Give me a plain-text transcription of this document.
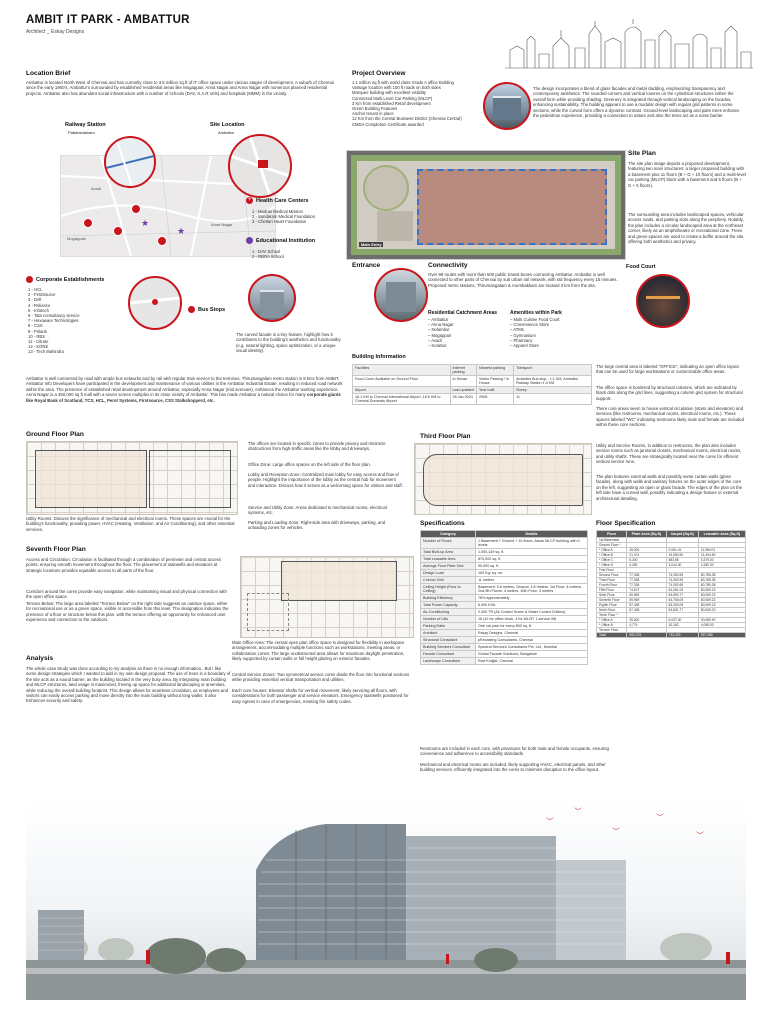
AMBIT IT PARK - AMBATTUR
Architect _ Eskay Designs
Location Brief
Ambattur is located North West of Chennai and has currently close to 3.5 million sq.ft of IT office space under various stages of development. A suburb of Chennai since the early 1960's, Ambattur's surrounded by established residential areas like Mogappair, Anna Nagar and Anna Nagar with numerous planned residential projects. Ambattur also has abundant social infrastructure with a number of schools (DAV, S.A.R Vels) and hospitals (MMM) in the vicinity.
Avadi
Anna Nagar
Mogappair
★
★
Railway Station
Pattaravakkam
Site Location
Ambattur
+ Health Care Centers
1 - Madras Medical Mission
2 - Sundaram Medical Foundation
3 - Chettari Heart Foundation
Educational Institution
1 - DAV School
2 - DBOA School
Corporate Establishments
1 - HCL
2 - FirstSource
3 - Dell
4 - Reliance
5 - Infotech
6 - Tata consultancy service
7 - Hexaware Technologies
8 - CSS
9 - Polaris
10 - RBS
11 - Citrate
12 - KONE
13 - Tech Mahindra
Bus Stops
The curved facade is a key feature, highlight how it contributes to the building's aesthetics and functionality (e.g. natural lighting, space optimization, or a unique visual identity).
Ambattur is well connected by road with ample bus networks and by rail with regular train service to the terminus. Thirumangalam metro station is 8 kms from AMBIT. Ambattur Info Developers have participated in the development and maintenance of various utilities in the Ambattur Industrial Estate, resulting in reduced road network within the area. The presence of established retail development around Ambattur, especially Anna Nagar (mid avenues), enhances the Ambattur working experience. Anna Nagar is a 350,000 sq ft mall with a seven screen multiplex in its close vicinity of Ambattur. This has made Ambattur a natural choice for many corporate giants like Royal Bank of Scotland, TCS, HCL, Perot Systems, Firstsource, CSS Stalkshopperd, etc.
Project Overview
1.1 million sq.ft with world class Grade A office Building
Vantage location with 100 ft roads on both sides
Marquee building with excellent visibility
Connected Multi Level Car Parking (MLCP)
3 Km from established Retail development
Green Building Features
Anchor tenant in place
12 Km from the Central Business District (Chennai Central)
CMDA Completion Certificate awarded
The design incorporates a blend of glass facades and metal cladding, emphasizing transparency and contemporary aesthetics. The rounded corners and vertical louvres on the cylindrical structures soften the overall form while providing shading. Greenery is integrated through vertical landscaping on the facades, enhancing sustainability. The building appears to use a modular design with regular grid patterns in some sections, while the curved form offers a dynamic contrast. Ground-level landscaping and palm trees enhance the pedestrian experience, providing a connection to nature and also the trees act as a noise barrier.
Main Entry
Site Plan
The site plan image depicts a proposed development, featuring two main structures: a larger proposed building with a basement plus 11 floors (B + G + 10 floors) and a multi-level car parking (MLCP) block with a basement and 5 floors (B + G + 5 floors).
The surrounding area includes landscaped spaces, vehicular access roads, and parking slots along the periphery. Notably, the plan includes a circular landscaped area at the northeast corner, likely as an amphitheatre or recreational zone. Trees and green spaces are used to create a buffer around the site, offering both aesthetics and privacy.
Entrance	Connectivity
Over 99 routes with more than 500 public transit buses connecting Ambattur. Ambattur is well connected to other parts of Chennai by sub urban rail network, with rail frequency every 15 minutes. Proposed metro stations, Thirumangalam & Arumbakkam are located 3 km from the site.
Residential Catchment Areas
– Ambattur
– Anna Nagar
– Nolambur
– Mogappair
– Avadi
– Korattur
Amenities within Park
– Multi Cuisine Food Court
– Convenience Store
– ATMs
– Gymnasium
– Pharmacy
– Apparel Store
Food Court
Building Information
Facilities	Internet parking	Nearest parking	Transport
Food Court/ Available on Ground Floor	In House	Visitor Parking / In House	Ambattur Bus stop - 1.1 KM, Ambattur Railway Station 1.4 KM
Airport	Last updated	Year built	Storey
18.1 KM to Chennai International Airport, 18.6 KM to Chennai Domestic Airport	28 Jan 2024	2008	11
Ground Floor Plan
Utility Rooms: Discuss the significance of mechanical and electrical rooms. These spaces are crucial for the building's functionality, providing power, HVAC (Heating, Ventilation, and Air Conditioning), and other essential services.
The offices are located in specific zones to provide privacy and minimize obstructions from high-traffic areas like the lobby and driveways.
Office Zone: Large office spaces on the left side of the floor plan.
Lobby and Reception Zone: Centralized main lobby for easy access and flow of people. Highlight the importance of the lobby as the central hub for movement and interaction. Discuss how it serves as a welcoming space for visitors and staff.
Service and Utility Zone: Areas dedicated to mechanical rooms, electrical systems, etc.
Parking and Loading Zone: Right-side area with driveways, parking, and unloading zones for vehicles.
Third Floor Plan
The large central area is labeled "OFFICE", indicating an open office layout that can be used for large workstations or customizable office areas.
The office space is bordered by structural columns, which are indicated by black dots along the grid lines, suggesting a column grid system for structural support.
There core areas seem to house vertical circulation (stairs and elevators) and services (like restrooms, mechanical rooms, electrical rooms, etc.). These spaces labeled "WC" indicating restrooms likely male and female are included within these core sections.
Utility and Service Rooms, in addition to restrooms, the plan also includes service rooms such as janitorial closets, mechanical rooms, electrical rooms, and utility shafts. These are strategically located near the cores for efficient vertical service runs.
The plan features external walls and possibly some curtain walls (glass facade), along with walls and sanitary fixtures on the outer edges of the core on the left, suggesting an open or glass facade. The edges of the plan on the left side have a curved wall, possibly indicating a design feature or external architectural detailing.
Seventh Floor Plan
Access and Circulation: Circulation is facilitated through a combination of perimeter and central access points, ensuring smooth movement throughout the floor. The placement of stairwells and elevators at strategic locations provides equitable access to all parts of the floor.
Corridors around the cores provide easy navigation, while maintaining visual and physical connection with the open office space.
Terrace Below: The large area labeled "Terrace Below" on the right side suggests an outdoor space, either for recreational use or as a green space, visible or accessible from this level. The designation indicates the presence of a floor or structure below this plan, with the terrace offering an opportunity for enhanced user experience and connection to the outdoors.
Main Office Area: The central open plan office space is designed for flexibility in workspace arrangement, accommodating multiple functions such as workstations, meeting areas, or collaboration zones. The large unobstructed area allows for maximum daylight penetration, likely supported by curtain walls or full height glazing on exterior facades.
Central Service Zones: Two symmetrical service cores divide the floor into functional sections while providing essential vertical transportation and utilities.
Each core houses: Elevator shafts for vertical movement, likely servicing all floors, with considerations for both passenger and service elevators. Emergency stairwells positioned for easy egress in case of emergencies, meeting fire safety codes.
Analysis
The whole case Study was done according to my analysis as there is no enough information.. But I like some design strategies which I wanted to add in my own design proposal. The use of trees in a boundary of the site acts as a sound barrier, as the building located in the very busy area. By integrating main building and MLCP structures, land usage is maximized, freeing up space for additional landscaping or amenities, while reducing the overall building footprint. This design allows for seamless circulation, as employees and visitors can easily access parking and move directly into the main building without long walks. It also Enhances security and safety.
Specifications
Category	Details
Number of Floors	1 Basement + Ground + 10 floors, Areas MLCP building with 5 levels
Total Built-up Area	1,000,149 sq. ft.
Total Leasable Area	870,000 sq. ft.
Average Floor Plate Size	90,000 sq. ft.
Design Load	100 Kg/ sq. mt.
Column Grid	11 meters
Ceiling Height (Floor to Ceiling)	Basement: 3.6 meters, Ground: 4.8 meters, 1st Floor: 4 meters, 2nd-9th Floors: 4 meters, 10th Floor: 4 meters
Building Efficiency	78% approximately
Total Power Capacity	6,000 KVA
Air-Conditioning	2,000 TR (Air Cooled Screw & Water Cooled Chillers)
Number of Lifts	16 (12 for office block, 3 for MLCP, 1 service lift)
Parking Ratio	One car park for every 800 sq. ft.
Architect	Eskay Designs, Chennai
Structural Consultant	pRecasting Consultants, Chennai
Building Services Consultant	Spectral Services Consultants Pvt. Ltd., Mumbai
Facade Consultant	Global Facade Solutions, Bangalore
Landscape Consultant	Ravi Knijtjal, Chennai
Floor Specification
Floor	Plate Area (Sq.ft)	Carpet (Sq.ft)	Leasable Area (Sq.ft)
1st Basement			
Ground Floor *			
* Office A	28,000	9,081.41	11,984.01
* Office B	21,474	15,080.50	21,494.50
* Office C	5,300	583.85	3,379.00
* Office D	4,280	3,044.00	4,280.00
First Floor			
Second Floor	77,338	74,052.69	80,785.38
Third Floor	77,338	74,052.69	80,785.38
Fourth Floor	77,338	74,052.69	80,785.38
Fifth Floor	74,672	54,061.00	80,069.23
Sixth Floor	59,969	54,890.77	80,069.23
Seventh Floor	59,969	54,765.09	80,069.23
Eighth Floor	57,438	53,054.09	80,069.23
Ninth Floor	57,438	54,801.77	80,069.23
Tenth Floor *			
* Office A	28,000	6,037.30	30,080.90
* Office B	4,774	10,162	4,098.00
Terrace Floor			
Total	890,376	733,433	997,988
Restrooms are included in each core, with provisions for both male and female occupants, ensuring convenience and adherence to accessibility standards.
Mechanical and electrical rooms are included, likely supporting HVAC, electrical panels, and other building services, efficiently integrated into the cores to minimize disruption to the office layout.
︶
︶
︶
︶
︶
